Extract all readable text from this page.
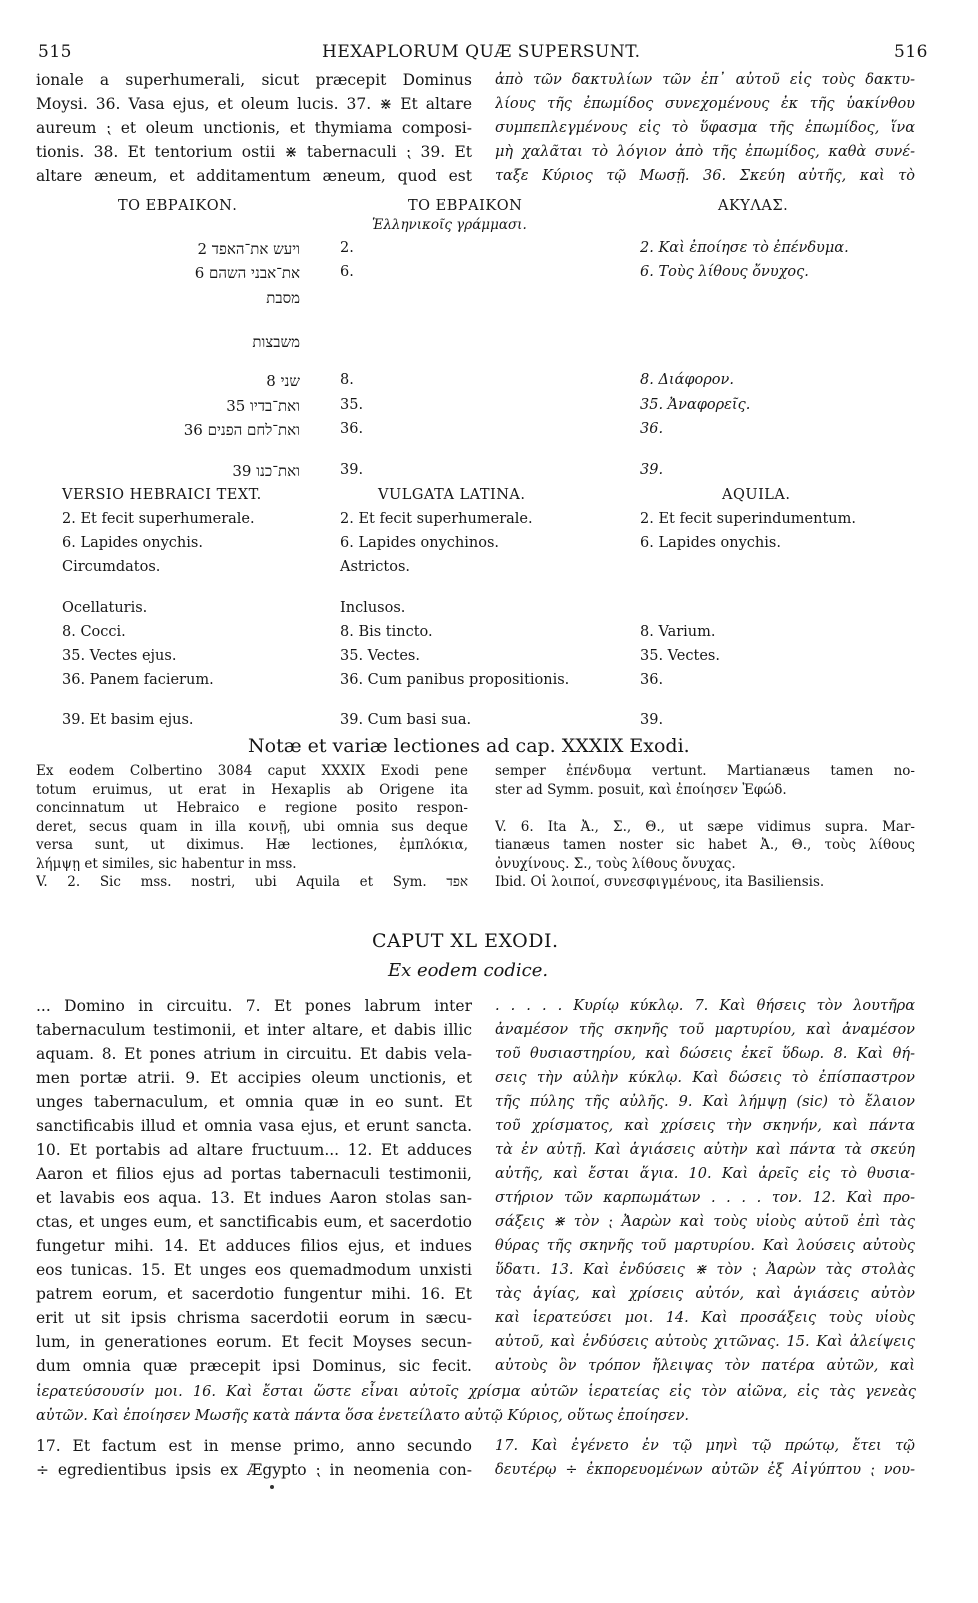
515	HEXAPLORUM QUÆ SUPERSUNT.	516
ionale a superhumerali, sicut præcepit Dominus
Moysi. 36. Vasa ejus, et oleum lucis. 37. ⋇ Et altare
aureum ⁏ et oleum unctionis, et thymiama composi-
tionis. 38. Et tentorium ostii ⋇ tabernaculi ⁏ 39. Et
altare æneum, et additamentum æneum, quod est
ἀπὸ τῶν δακτυλίων τῶν ἐπ᾽ αὐτοῦ εἰς τοὺς δακτυ-
λίους τῆς ἐπωμίδος συνεχομένους ἐκ τῆς ὑακίνθου
συμπεπλεγμένους εἰς τὸ ὕφασμα τῆς ἐπωμίδος, ἵνα
μὴ χαλᾶται τὸ λόγιον ἀπὸ τῆς ἐπωμίδος, καθὰ συνέ-
ταξε Κύριος τῷ Μωσῇ. 36. Σκεύη αὐτῆς, καὶ τὸ
ΤΟ ΕΒΡΑΙΚΟΝ.	ΤΟ ΕΒΡΑΙΚΟΝ
Ἑλληνικοῖς γράμμασι.
ΑΚΥΛΑΣ.
ויעש את־האפד 2	2.	2. Καὶ ἐποίησε τὸ ἐπένδυμα.
את־אבני השהם 6	6.	6. Τοὺς λίθους ὄνυχος.
מסבת
משבצות
שני 8	8.	8. Διάφορον.
ואת־בדיו 35	35.	35. Ἀναφορεῖς.
ואת־לחם הפנים 36	36.	36.
ואת־כנו 39	39.	39.
VERSIO HEBRAICI TEXT.	VULGATA LATINA.	AQUILA.
2. Et fecit superhumerale.	2. Et fecit superhumerale.	2. Et fecit superindumentum.
6. Lapides onychis.	6. Lapides onychinos.	6. Lapides onychis.
Circumdatos.	Astrictos.
Ocellaturis.	Inclusos.
8. Cocci.	8. Bis tincto.	8. Varium.
35. Vectes ejus.	35. Vectes.	35. Vectes.
36. Panem facierum.	36. Cum panibus propositionis.	36.
39. Et basim ejus.	39. Cum basi sua.	39.
Notæ et variæ lectiones ad cap. XXXIX Exodi.
Ex eodem Colbertino 3084 caput XXXIX Exodi pene
totum eruimus, ut erat in Hexaplis ab Origene ita
concinnatum ut Hebraico e regione posito respon-
deret, secus quam in illa κοινῇ, ubi omnia sus deque
versa sunt, ut diximus. Hæ lectiones, ἐμπλόκια,
λήμψῃ et similes, sic habentur in mss.
V. 2. Sic mss. nostri, ubi Aquila et Sym. אפד
semper ἐπένδυμα vertunt. Martianæus tamen no-
ster ad Symm. posuit, καὶ ἐποίησεν Ἐφώδ.
V. 6. Ita Ἀ., Σ., Θ., ut sæpe vidimus supra. Mar-
tianæus tamen noster sic habet Ἀ., Θ., τοὺς λίθους
ὀνυχίνους. Σ., τοὺς λίθους ὄνυχας.
Ibid. Οἱ λοιποί, συνεσφιγμένους, ita Basiliensis.
CAPUT XL EXODI.
Ex eodem codice.
... Domino in circuitu. 7. Et pones labrum inter
tabernaculum testimonii, et inter altare, et dabis illic
aquam. 8. Et pones atrium in circuitu. Et dabis vela-
men portæ atrii. 9. Et accipies oleum unctionis, et
unges tabernaculum, et omnia quæ in eo sunt. Et
sanctificabis illud et omnia vasa ejus, et erunt sancta.
10. Et portabis ad altare fructuum... 12. Et adduces
Aaron et filios ejus ad portas tabernaculi testimonii,
et lavabis eos aqua. 13. Et indues Aaron stolas san-
ctas, et unges eum, et sanctificabis eum, et sacerdotio
fungetur mihi. 14. Et adduces filios ejus, et indues
eos tunicas. 15. Et unges eos quemadmodum unxisti
patrem eorum, et sacerdotio fungentur mihi. 16. Et
erit ut sit ipsis chrisma sacerdotii eorum in sæcu-
lum, in generationes eorum. Et fecit Moyses secun-
dum omnia quæ præcepit ipsi Dominus, sic fecit.
. . . . . Κυρίῳ κύκλῳ. 7. Καὶ θήσεις τὸν λουτῆρα
ἀναμέσον τῆς σκηνῆς τοῦ μαρτυρίου, καὶ ἀναμέσον
τοῦ θυσιαστηρίου, καὶ δώσεις ἐκεῖ ὕδωρ. 8. Καὶ θή-
σεις τὴν αὐλὴν κύκλῳ. Καὶ δώσεις τὸ ἐπίσπαστρον
τῆς πύλης τῆς αὐλῆς. 9. Καὶ λήμψῃ (sic) τὸ ἔλαιον
τοῦ χρίσματος, καὶ χρίσεις τὴν σκηνήν, καὶ πάντα
τὰ ἐν αὐτῇ. Καὶ ἁγιάσεις αὐτὴν καὶ πάντα τὰ σκεύη
αὐτῆς, καὶ ἔσται ἅγια. 10. Καὶ ἀρεῖς εἰς τὸ θυσια-
στήριον τῶν καρπωμάτων . . . . τον. 12. Καὶ προ-
σάξεις ⋇ τὸν ⁏ Ἀαρὼν καὶ τοὺς υἱοὺς αὐτοῦ ἐπὶ τὰς
θύρας τῆς σκηνῆς τοῦ μαρτυρίου. Καὶ λούσεις αὐτοὺς
ὕδατι. 13. Καὶ ἐνδύσεις ⋇ τὸν ⁏ Ἀαρὼν τὰς στολὰς
τὰς ἁγίας, καὶ χρίσεις αὐτόν, καὶ ἁγιάσεις αὐτὸν
καὶ ἱερατεύσει μοι. 14. Καὶ προσάξεις τοὺς υἱοὺς
αὐτοῦ, καὶ ἐνδύσεις αὐτοὺς χιτῶνας. 15. Καὶ ἀλείψεις
αὐτοὺς ὃν τρόπον ἤλειψας τὸν πατέρα αὐτῶν, καὶ
ἱερατεύσουσίν μοι. 16. Καὶ ἔσται ὥστε εἶναι αὐτοῖς χρίσμα αὐτῶν ἱερατείας εἰς τὸν αἰῶνα, εἰς τὰς γενεὰς
αὐτῶν. Καὶ ἐποίησεν Μωσῆς κατὰ πάντα ὅσα ἐνετείλατο αὐτῷ Κύριος, οὕτως ἐποίησεν.
17. Et factum est in mense primo, anno secundo
÷ egredientibus ipsis ex Ægypto ⁏ in neomenia con-
17. Καὶ ἐγένετο ἐν τῷ μηνὶ τῷ πρώτῳ, ἔτει τῷ
δευτέρῳ ÷ ἐκπορευομένων αὐτῶν ἐξ Αἰγύπτου ⁏ νου-
